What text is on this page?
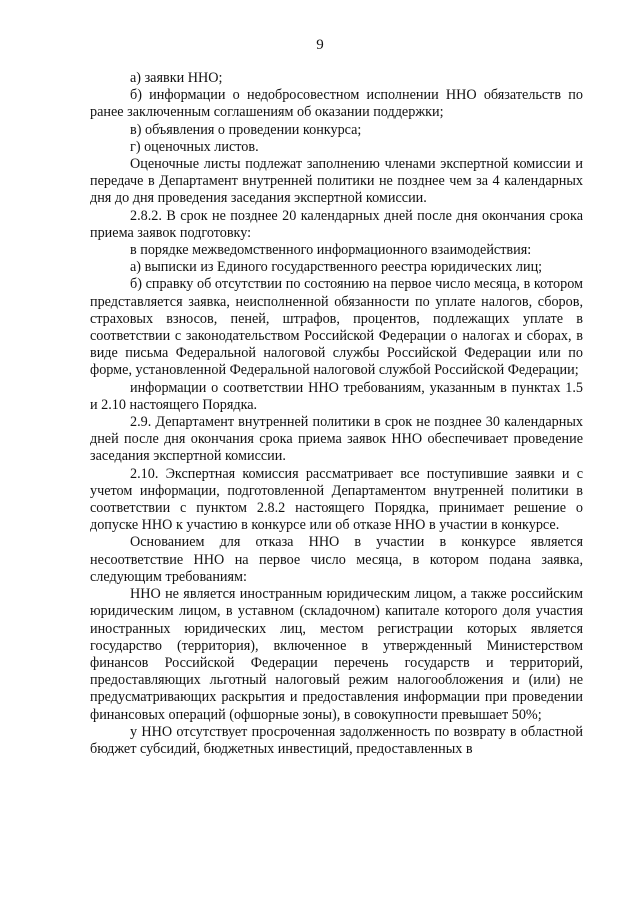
9

а) заявки ННО;

б) информации о недобросовестном исполнении ННО обязательств по ранее заключенным соглашениям об оказании поддержки;

в) объявления о проведении конкурса;

г) оценочных листов.

Оценочные листы подлежат заполнению членами экспертной комиссии и передаче в Департамент внутренней политики не позднее чем за 4 календарных дня до дня проведения заседания экспертной комиссии.

2.8.2. В срок не позднее 20 календарных дней после дня окончания срока приема заявок подготовку:

в порядке межведомственного информационного взаимодействия:

а) выписки из Единого государственного реестра юридических лиц;

б) справку об отсутствии по состоянию на первое число месяца, в котором представляется заявка, неисполненной обязанности по уплате налогов, сборов, страховых взносов, пеней, штрафов, процентов, подлежащих уплате в соответствии с законодательством Российской Федерации о налогах и сборах, в виде письма Федеральной налоговой службы Российской Федерации или по форме, установленной Федеральной налоговой службой Российской Федерации;

информации о соответствии ННО требованиям, указанным в пунктах 1.5 и 2.10 настоящего Порядка.

2.9. Департамент внутренней политики в срок не позднее 30 календарных дней после дня окончания срока приема заявок ННО обеспечивает проведение заседания экспертной комиссии.

2.10. Экспертная комиссия рассматривает все поступившие заявки и с учетом информации, подготовленной Департаментом внутренней политики в соответствии с пунктом 2.8.2 настоящего Порядка, принимает решение о допуске ННО к участию в конкурсе или об отказе ННО в участии в конкурсе.

Основанием для отказа ННО в участии в конкурсе является несоответствие ННО на первое число месяца, в котором подана заявка, следующим требованиям:

ННО не является иностранным юридическим лицом, а также российским юридическим лицом, в уставном (складочном) капитале которого доля участия иностранных юридических лиц, местом регистрации которых является государство (территория), включенное в утвержденный Министерством финансов Российской Федерации перечень государств и территорий, предоставляющих льготный налоговый режим налогообложения и (или) не предусматривающих раскрытия и предоставления информации при проведении финансовых операций (офшорные зоны), в совокупности превышает 50%;

у ННО отсутствует просроченная задолженность по возврату в областной бюджет субсидий, бюджетных инвестиций, предоставленных в
